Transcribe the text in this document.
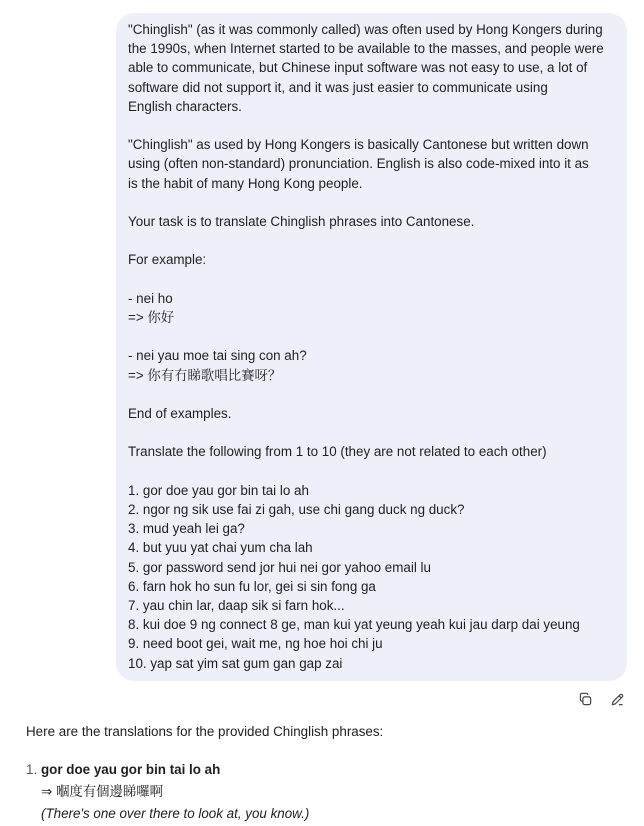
"Chinglish" (as it was commonly called) was often used by Hong Kongers during
the 1990s, when Internet started to be available to the masses, and people were
able to communicate, but Chinese input software was not easy to use, a lot of
software did not support it, and it was just easier to communicate using
English characters.
"Chinglish" as used by Hong Kongers is basically Cantonese but written down
using (often non-standard) pronunciation. English is also code-mixed into it as
is the habit of many Hong Kong people.
Your task is to translate Chinglish phrases into Cantonese.
For example:
- nei ho
=> 你好
- nei yau moe tai sing con ah?
=> 你有冇睇歌唱比賽呀？
End of examples.
Translate the following from 1 to 10 (they are not related to each other)
1. gor doe yau gor bin tai lo ah
2. ngor ng sik use fai zi gah, use chi gang duck ng duck?
3. mud yeah lei ga?
4. but yuu yat chai yum cha lah
5. gor password send jor hui nei gor yahoo email lu
6. farn hok ho sun fu lor, gei si sin fong ga
7. yau chin lar, daap sik si farn hok...
8. kui doe 9 ng connect 8 ge, man kui yat yeung yeah kui jau darp dai yeung
9. need boot gei, wait me, ng hoe hoi chi ju
10. yap sat yim sat gum gan gap zai
Here are the translations for the provided Chinglish phrases:
1. gor doe yau gor bin tai lo ah
⇒ 嗰度有個邊睇囉啊
(There's one over there to look at, you know.)
